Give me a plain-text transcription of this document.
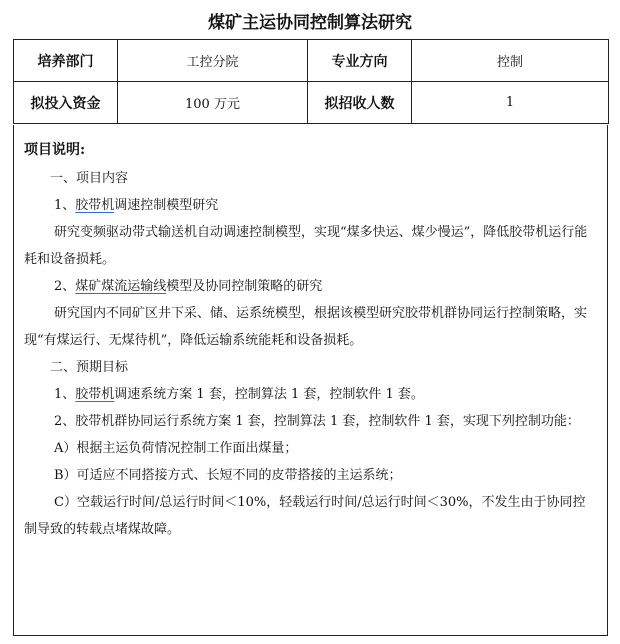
煤矿主运协同控制算法研究
培养部门	工控分院	专业方向	控制
拟投入资金	100 万元	拟招收人数	1
项目说明:

一、项目内容

1、胶带机调速控制模型研究

研究变频驱动带式输送机自动调速控制模型，实现“煤多快运、煤少慢运”，降低胶带机运行能耗和设备损耗。

2、煤矿煤流运输线模型及协同控制策略的研究

研究国内不同矿区井下采、储、运系统模型，根据该模型研究胶带机群协同运行控制策略，实现“有煤运行、无煤待机”，降低运输系统能耗和设备损耗。

二、预期目标

1、胶带机调速系统方案 1 套，控制算法 1 套，控制软件 1 套。

2、胶带机群协同运行系统方案 1 套，控制算法 1 套，控制软件 1 套，实现下列控制功能：

A）根据主运负荷情况控制工作面出煤量；

B）可适应不同搭接方式、长短不同的皮带搭接的主运系统；

C）空载运行时间/总运行时间＜10%，轻载运行时间/总运行时间＜30%，不发生由于协同控制导致的转载点堵煤故障。
